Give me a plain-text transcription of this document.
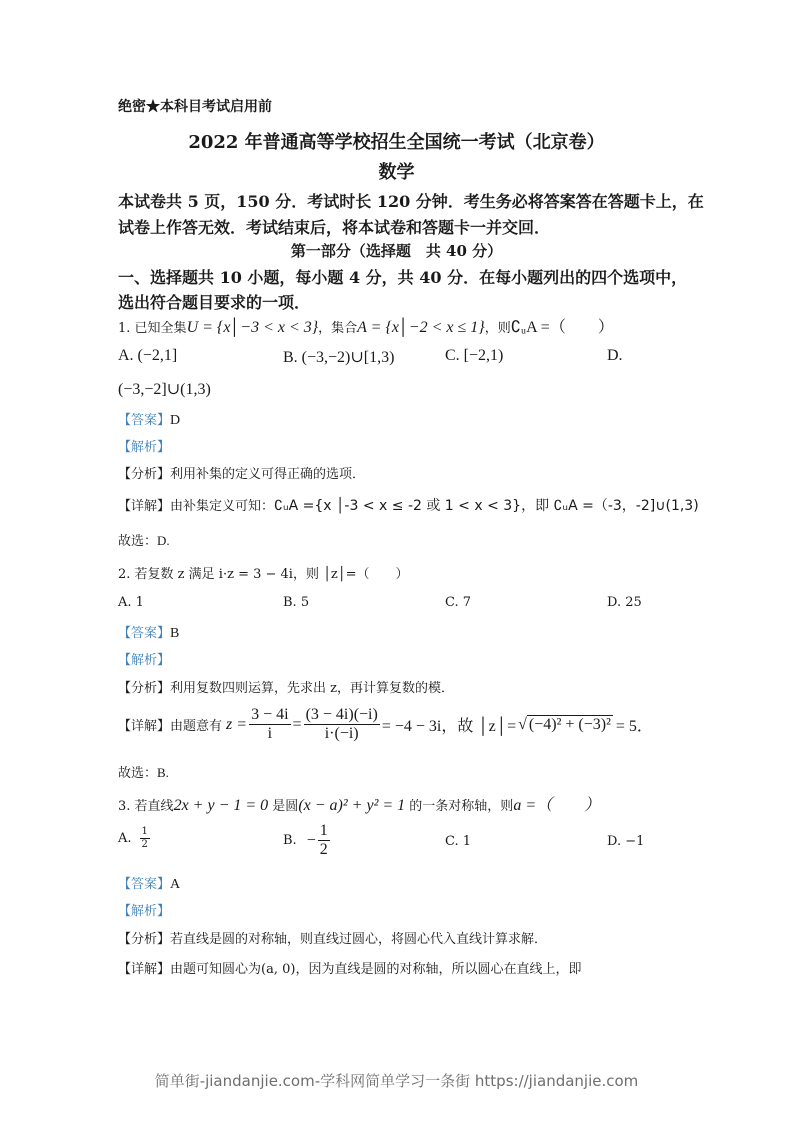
绝密★本科目考试启用前
2022 年普通高等学校招生全国统一考试（北京卷）
数学
本试卷共 5 页，150 分．考试时长 120 分钟．考生务必将答案答在答题卡上，在
试卷上作答无效．考试结束后，将本试卷和答题卡一并交回．
第一部分（选择题　共 40 分）
一、选择题共 10 小题，每小题 4 分，共 40 分．在每小题列出的四个选项中，
选出符合题目要求的一项．
1. 已知全集U = {x│−3 < x < 3}，集合A = {x│−2 < x ≤ 1}，则∁ᵤA =（　　）
A. (−2,1]	B. (−3,−2)∪[1,3)	C. [−2,1)	D.
(−3,−2]∪(1,3)
【答案】D
【解析】
【分析】利用补集的定义可得正确的选项．
【详解】由补集定义可知：∁ᵤA ={x │-3 < x ≤ -2 或 1 < x < 3}，即 ∁ᵤA =（-3，-2]∪(1,3)
故选：D.
2. 若复数 z 满足 i·z = 3 − 4i，则 │z│=（　　）
A. 1	B. 5	C. 7	D. 25
【答案】B
【解析】
【分析】利用复数四则运算，先求出 z，再计算复数的模．
【详解】 由题意有 $z = \frac{3 - 4i}{i} = \frac{(3 - 4i)(-i)}{i\cdot(-i)} = -4 - 3i$，故 │z│= √ (−4)² + (−3)² = 5．
故选：B.
3. 若直线2x + y − 1 = 0 是圆(x − a)² + y² = 1 的一条对称轴，则a =（　　）
A. $\frac{1}{2}$	B. − $\frac{1}{2}$	C. 1	D. −1
【答案】A
【解析】
【分析】若直线是圆的对称轴，则直线过圆心，将圆心代入直线计算求解．
【详解】由题可知圆心为(a, 0)，因为直线是圆的对称轴，所以圆心在直线上，即
简单街-jiandanjie.com-学科网简单学习一条街 https://jiandanjie.com
